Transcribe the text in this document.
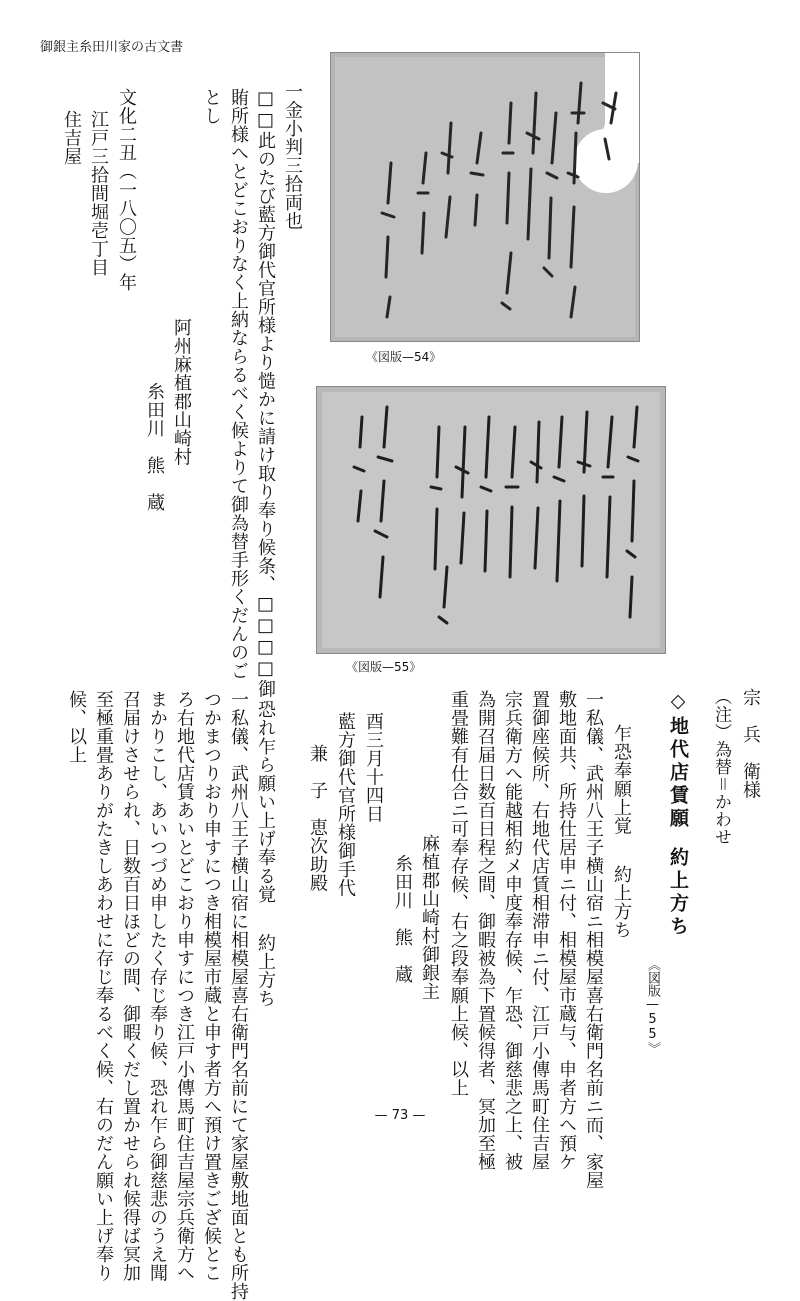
御銀主糸田川家の古文書
《図版—54》
《図版—55》
一金小判三拾両也
□□此のたび藍方御代官所様より慥かに請け取り奉り候条、□□□□御
賄所様へとどこおりなく上納ならるべく候よりて御為替手形くだんのご
とし
阿州麻植郡山崎村
糸田川　熊　蔵
文化二丑（一八〇五）年
江戸三拾間堀壱丁目
住吉屋
宗　兵　衛様
（注）為替＝かわせ
◇地代店賃願約上方ち
《図版—55》
乍恐奉願上覚約上方ち
一私儀、武州八王子横山宿ニ相模屋喜右衛門名前ニ而、家屋
敷地面共、所持仕居申ニ付、相模屋市蔵与、申者方へ預ケ
置御座候所、右地代店賃相滞申ニ付、江戸小傳馬町住吉屋
宗兵衛方へ能越相約メ申度奉存候、乍恐、御慈悲之上、被
為開召届日数百日程之間、御暇被為下置候得者、冥加至極
重畳難有仕合ニ可奉存候、右之段奉願上候、以上
麻植郡山崎村御銀主
糸田川　熊　蔵
酉三月十四日
藍方御代官所様御手代
兼　子　恵次助殿
恐れ乍ら願い上げ奉る覚約上方ち
一私儀、武州八王子横山宿に相模屋喜右衛門名前にて家屋敷地面とも所持
つかまつりおり申すにつき相模屋市蔵と申す者方へ預け置きござ候とこ
ろ右地代店賃あいとどこおり申すにつき江戸小傳馬町住吉屋宗兵衛方へ
まかりこし、あいつづめ申したく存じ奉り候、恐れ乍ら御慈悲のうえ聞
召届けさせられ、日数百日ほどの間、御暇くだし置かせられ候得ば冥加
至極重畳ありがたきしあわせに存じ奉るべく候、右のだん願い上げ奉り
候、以上
— 73 —
